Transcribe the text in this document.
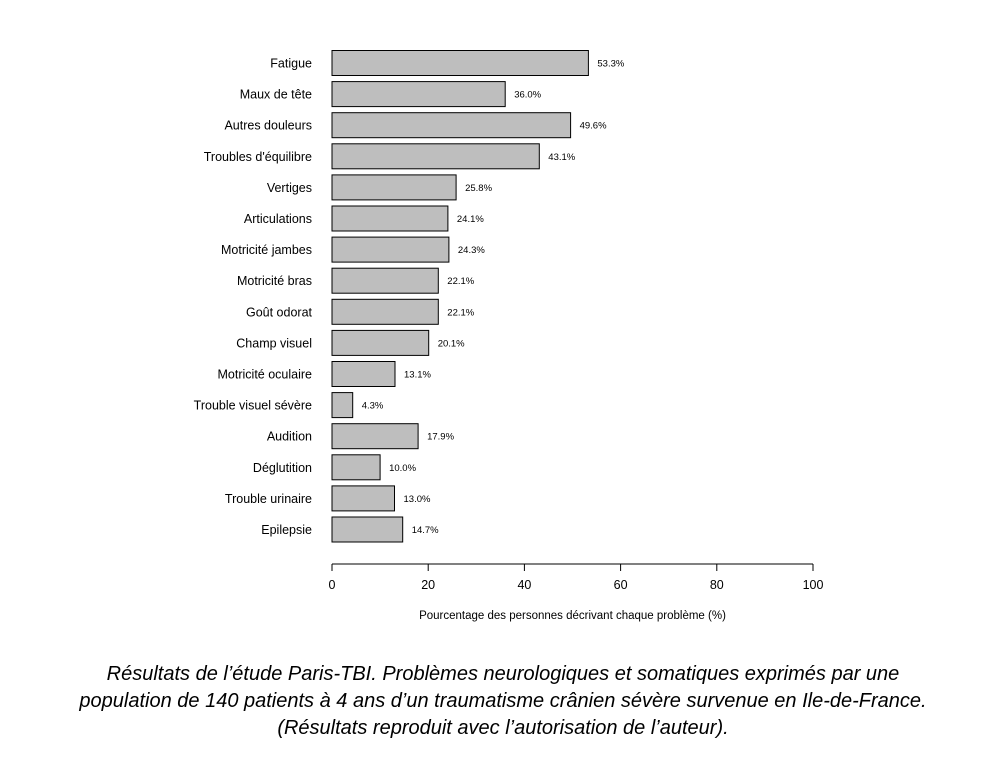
Fatigue
Maux de tête
Autres douleurs
Troubles d'équilibre
Vertiges
Articulations
Motricité jambes
Motricité bras
Goût odorat
Champ visuel
Motricité oculaire
Trouble visuel sévère
Audition
Déglutition
Trouble urinaire
Epilepsie
53.3%
36.0%
49.6%
43.1%
25.8%
24.1%
24.3%
22.1%
22.1%
20.1%
13.1%
4.3%
17.9%
10.0%
13.0%
14.7%
0	20	40	60	80	100
Pourcentage des personnes décrivant chaque problème (%)
Résultats de l’étude Paris-TBI. Problèmes neurologiques et somatiques exprimés par une
population de 140 patients à 4 ans d’un traumatisme crânien sévère survenue en Ile-de-France.
(Résultats reproduit avec l’autorisation de l’auteur).
